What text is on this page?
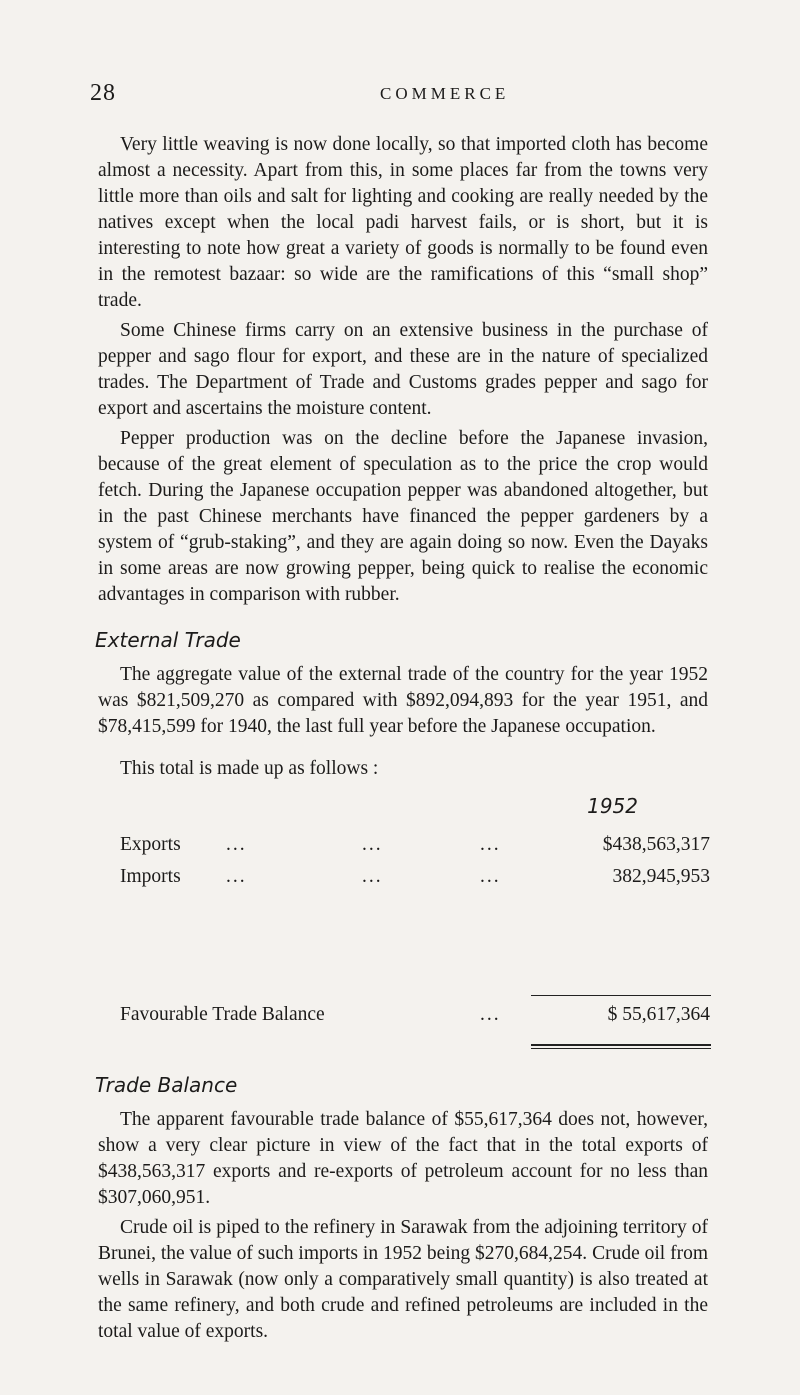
28	COMMERCE

Very little weaving is now done locally, so that imported cloth has become almost a necessity. Apart from this, in some places far from the towns very little more than oils and salt for lighting and cooking are really needed by the natives except when the local padi harvest fails, or is short, but it is interesting to note how great a variety of goods is normally to be found even in the remotest bazaar: so wide are the ramifications of this “small shop” trade.

Some Chinese firms carry on an extensive business in the purchase of pepper and sago flour for export, and these are in the nature of specialized trades. The Department of Trade and Customs grades pepper and sago for export and ascertains the moisture content.

Pepper production was on the decline before the Japanese invasion, because of the great element of speculation as to the price the crop would fetch. During the Japanese occupation pepper was abandoned altogether, but in the past Chinese merchants have financed the pepper gardeners by a system of “grub-staking”, and they are again doing so now. Even the Dayaks in some areas are now growing pepper, being quick to realise the economic advantages in comparison with rubber.

External Trade

The aggregate value of the external trade of the country for the year 1952 was $821,509,270 as compared with $892,094,893 for the year 1951, and $78,415,599 for 1940, the last full year before the Japanese occupation.

This total is made up as follows :

1952
Exports ...	...	...	$438,563,317
Imports ...	...	...	382,945,953
Favourable Trade Balance	...	$ 55,617,364
Trade Balance

The apparent favourable trade balance of $55,617,364 does not, however, show a very clear picture in view of the fact that in the total exports of $438,563,317 exports and re-exports of petroleum account for no less than $307,060,951.

Crude oil is piped to the refinery in Sarawak from the adjoining territory of Brunei, the value of such imports in 1952 being $270,684,254. Crude oil from wells in Sarawak (now only a comparatively small quantity) is also treated at the same refinery, and both crude and refined petroleums are included in the total value of exports.
